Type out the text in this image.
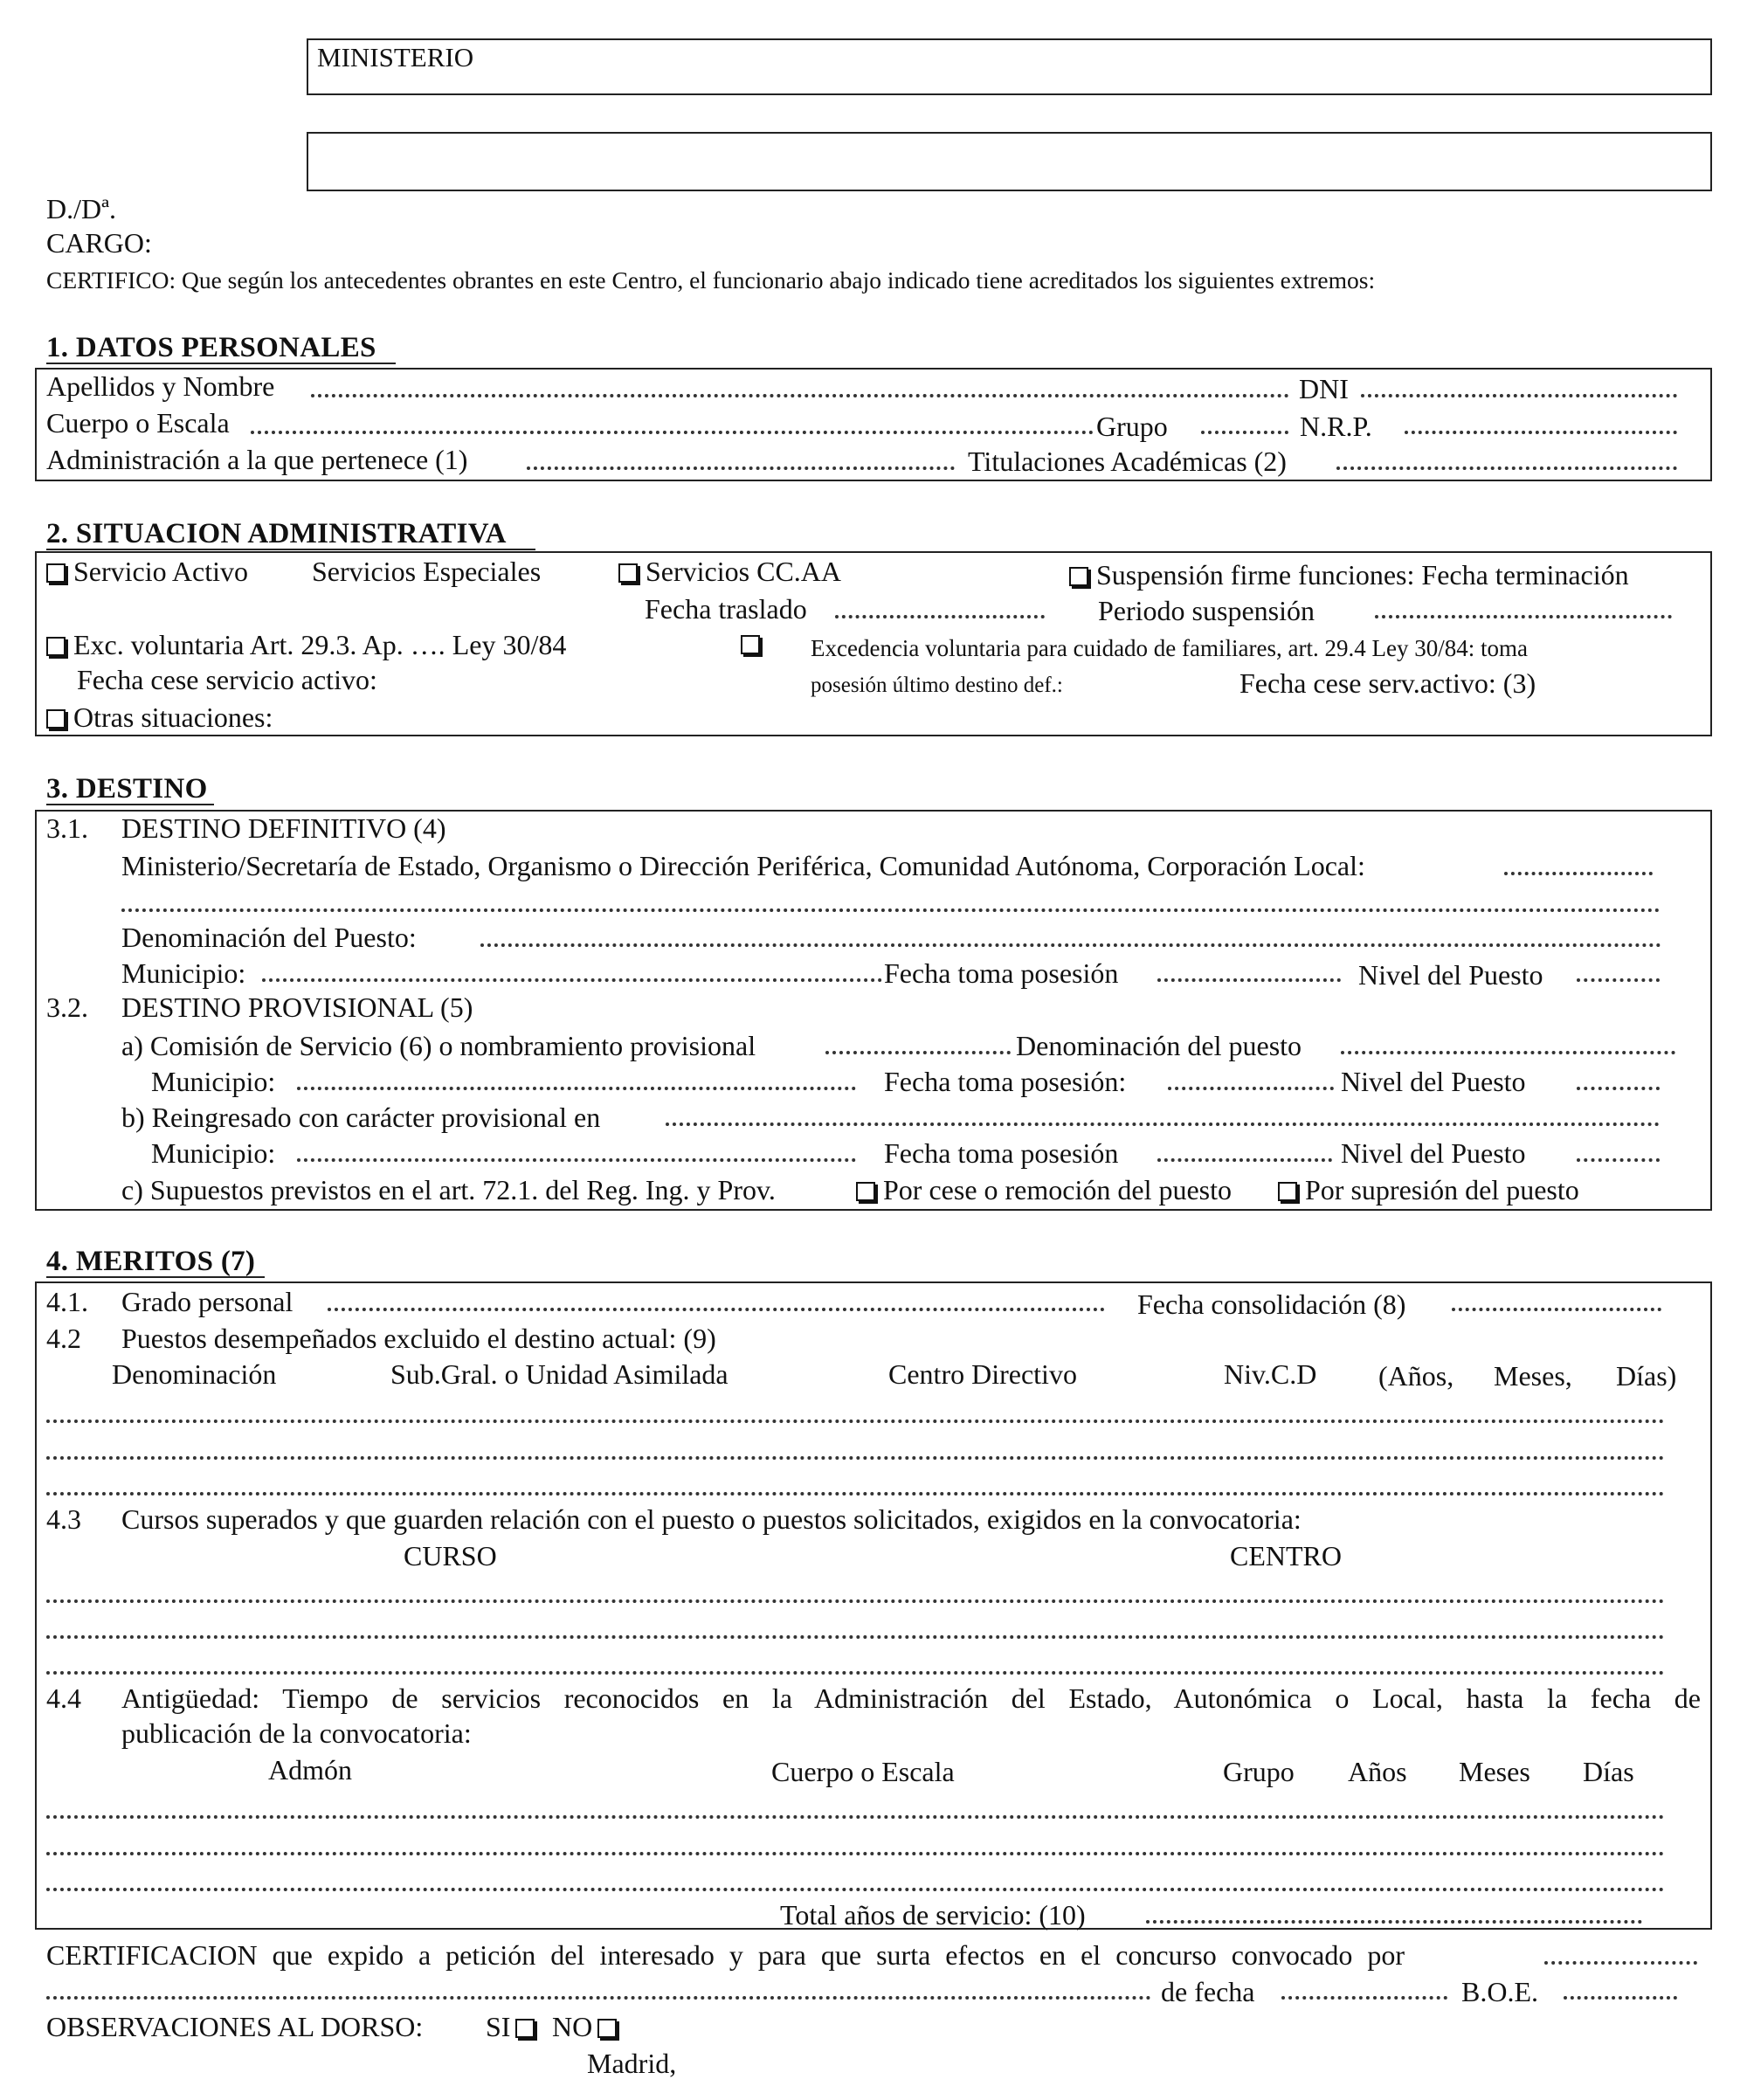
MINISTERIO
D./Dª.
CARGO:
CERTIFICO: Que según los antecedentes obrantes en este Centro, el funcionario abajo indicado tiene acreditados los siguientes extremos:
1. DATOS PERSONALES
Apellidos y Nombre	DNI
Cuerpo o Escala	Grupo	N.R.P.
Administración a la que pertenece (1)	Titulaciones Académicas (2)
2. SITUACION ADMINISTRATIVA
Servicio Activo Servicios Especiales	Servicios CC.AA	Suspensión firme funciones: Fecha terminación
Fecha traslado	Periodo suspensión
Exc. voluntaria Art. 29.3. Ap. …. Ley 30/84	Excedencia voluntaria para cuidado de familiares, art. 29.4 Ley 30/84: toma
Fecha cese servicio activo:	posesión último destino def.:	Fecha cese serv.activo: (3)
Otras situaciones:
3. DESTINO
3.1. DESTINO DEFINITIVO (4)
Ministerio/Secretaría de Estado, Organismo o Dirección Periférica, Comunidad Autónoma, Corporación Local:
Denominación del Puesto:
Municipio:	Fecha toma posesión	Nivel del Puesto
3.2. DESTINO PROVISIONAL (5)
a) Comisión de Servicio (6) o nombramiento provisional	Denominación del puesto
Municipio:	Fecha toma posesión:	Nivel del Puesto
b) Reingresado con carácter provisional en
Municipio:	Fecha toma posesión	Nivel del Puesto
c) Supuestos previstos en el art. 72.1. del Reg. Ing. y Prov.	Por cese o remoción del puesto	Por supresión del puesto
4. MERITOS (7)
4.1. Grado personal	Fecha consolidación (8)
4.2 Puestos desempeñados excluido el destino actual: (9)
Denominación	Sub.Gral. o Unidad Asimilada	Centro Directivo	Niv.C.D (Años, Meses, Días)
4.3 Cursos superados y que guarden relación con el puesto o puestos solicitados, exigidos en la convocatoria:
CURSO	CENTRO
4.4 Antigüedad: Tiempo de servicios reconocidos en la Administración del Estado, Autonómica o Local, hasta la fecha de
publicación de la convocatoria:
Admón	Cuerpo o Escala	Grupo Años Meses Días
Total años de servicio: (10)
CERTIFICACION que expido a petición del interesado y para que surta efectos en el concurso convocado por
de fecha	B.O.E.
OBSERVACIONES AL DORSO: SI	NO
Madrid,
